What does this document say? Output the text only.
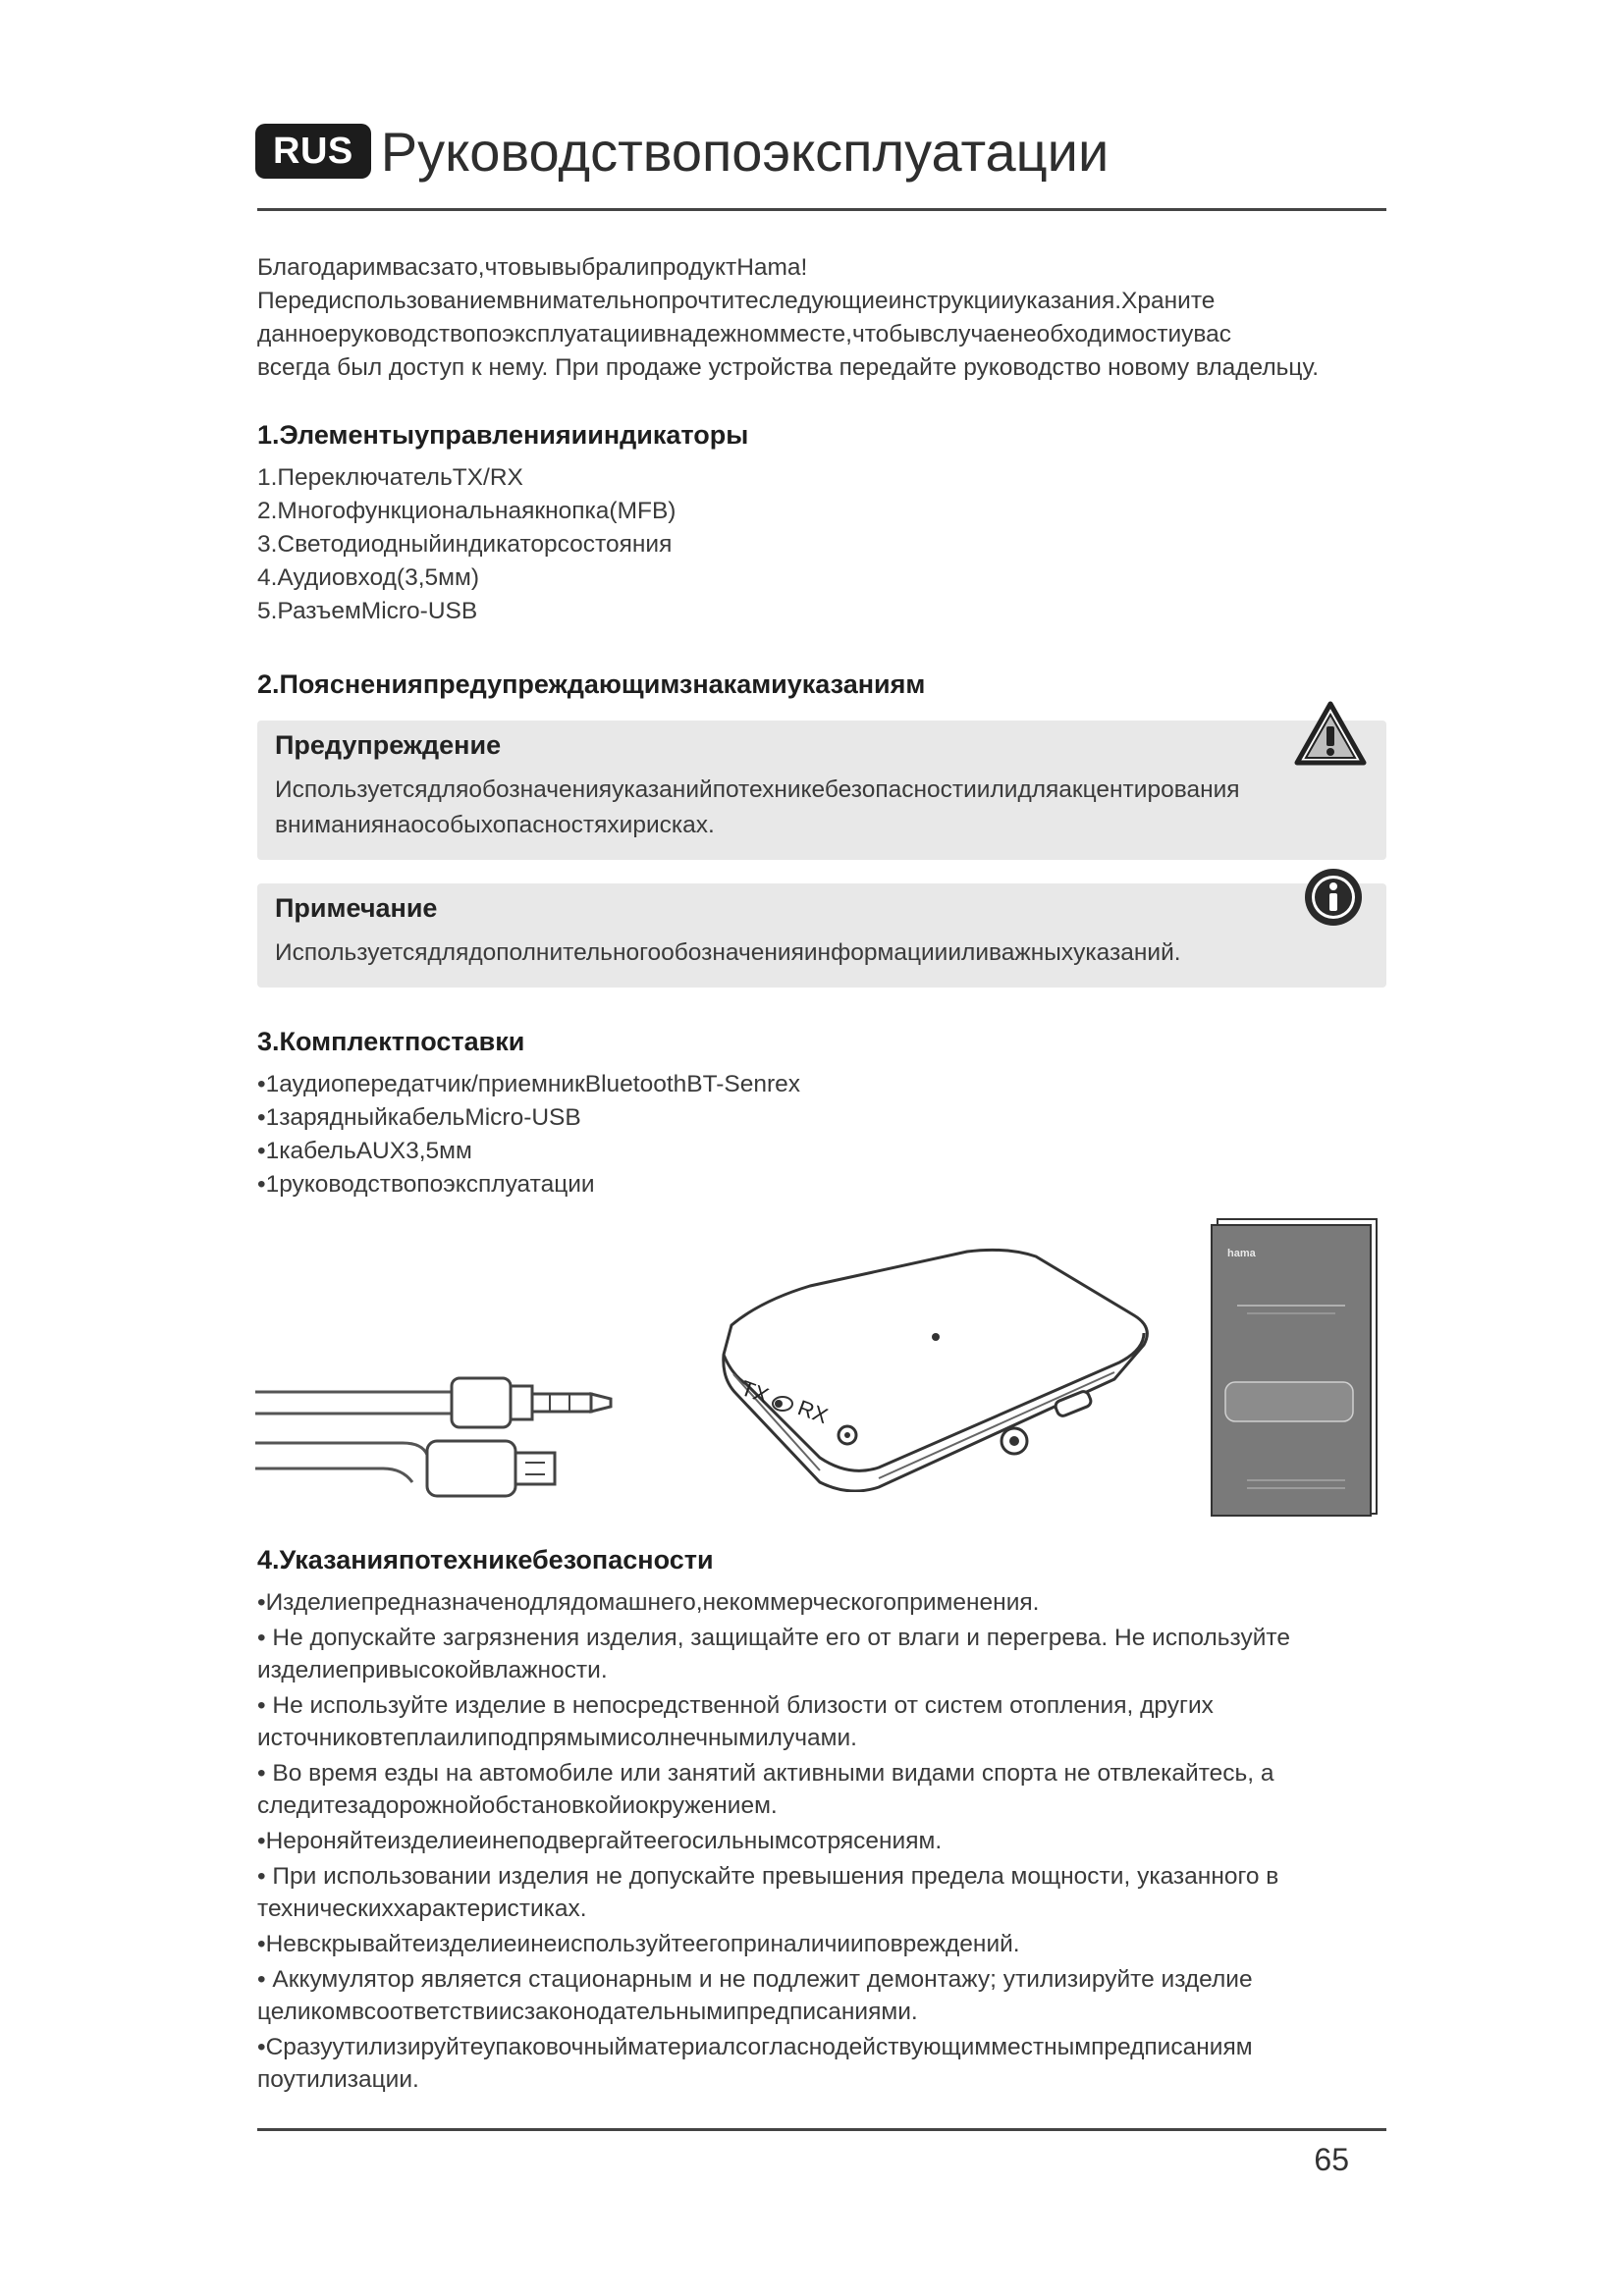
RUS Руководствопоэксплуатации

Благодаримвасзато,чтовывыбралипродуктHama!

Передиспользованиемвнимательнопрочтитеследующиеинструкцииуказания.Храните

данноеруководствопоэксплуатациивнадежномместе,чтобывслучаенеобходимостиувас

всегда был доступ к нему. При продаже устройства передайте руководство новому владельцу.

1.Элементыуправленияииндикаторы
1.ПереключательTX/RX
2.Многофункциональнаякнопка(MFB)
3.Светодиодныйиндикаторсостояния
4.Аудиовход(3,5мм)
5.РазъемMicro-USB
2.Поясненияпредупреждающимзнакамиуказаниям
Предупреждение
Используетсядляобозначенияуказанийпотехникебезопасностиилидляакцентирования
вниманиянаособыхопасностяхирисках.
Примечание
Используетсядлядополнительногообозначенияинформациииливажныхуказаний.
3.Комплектпоставки
•1аудиопередатчик/приемникBluetoothBT-Senrex
•1зарядныйкабельMicro-USB
•1кабельAUX3,5мм
•1руководствопоэксплуатации
TX
RX
hama
4.Указанияпотехникебезопасности
•Изделиепредназначенодлядомашнего,некоммерческогоприменения.
• Не допускайте загрязнения изделия, защищайте его от влаги и перегрева. Не используйте изделиепривысокойвлажности.
• Не используйте изделие в непосредственной близости от систем отопления, других источниковтеплаилиподпрямымисолнечнымилучами.
• Во время езды на автомобиле или занятий активными видами спорта не отвлекайтесь, а следитезадорожнойобстановкойиокружением.
•Нероняйтеизделиеинеподвергайтеегосильнымсотрясениям.
• При использовании изделия не допускайте превышения предела мощности, указанного в техническиххарактеристиках.
•Невскрывайтеизделиеинеиспользуйтеегоприналичииповреждений.
• Аккумулятор является стационарным и не подлежит демонтажу; утилизируйте изделие целикомвсоответствиисзаконодательнымипредписаниями.
•Сразуутилизируйтеупаковочныйматериалсогласнодействующимместнымпредписаниям поутилизации.
65
